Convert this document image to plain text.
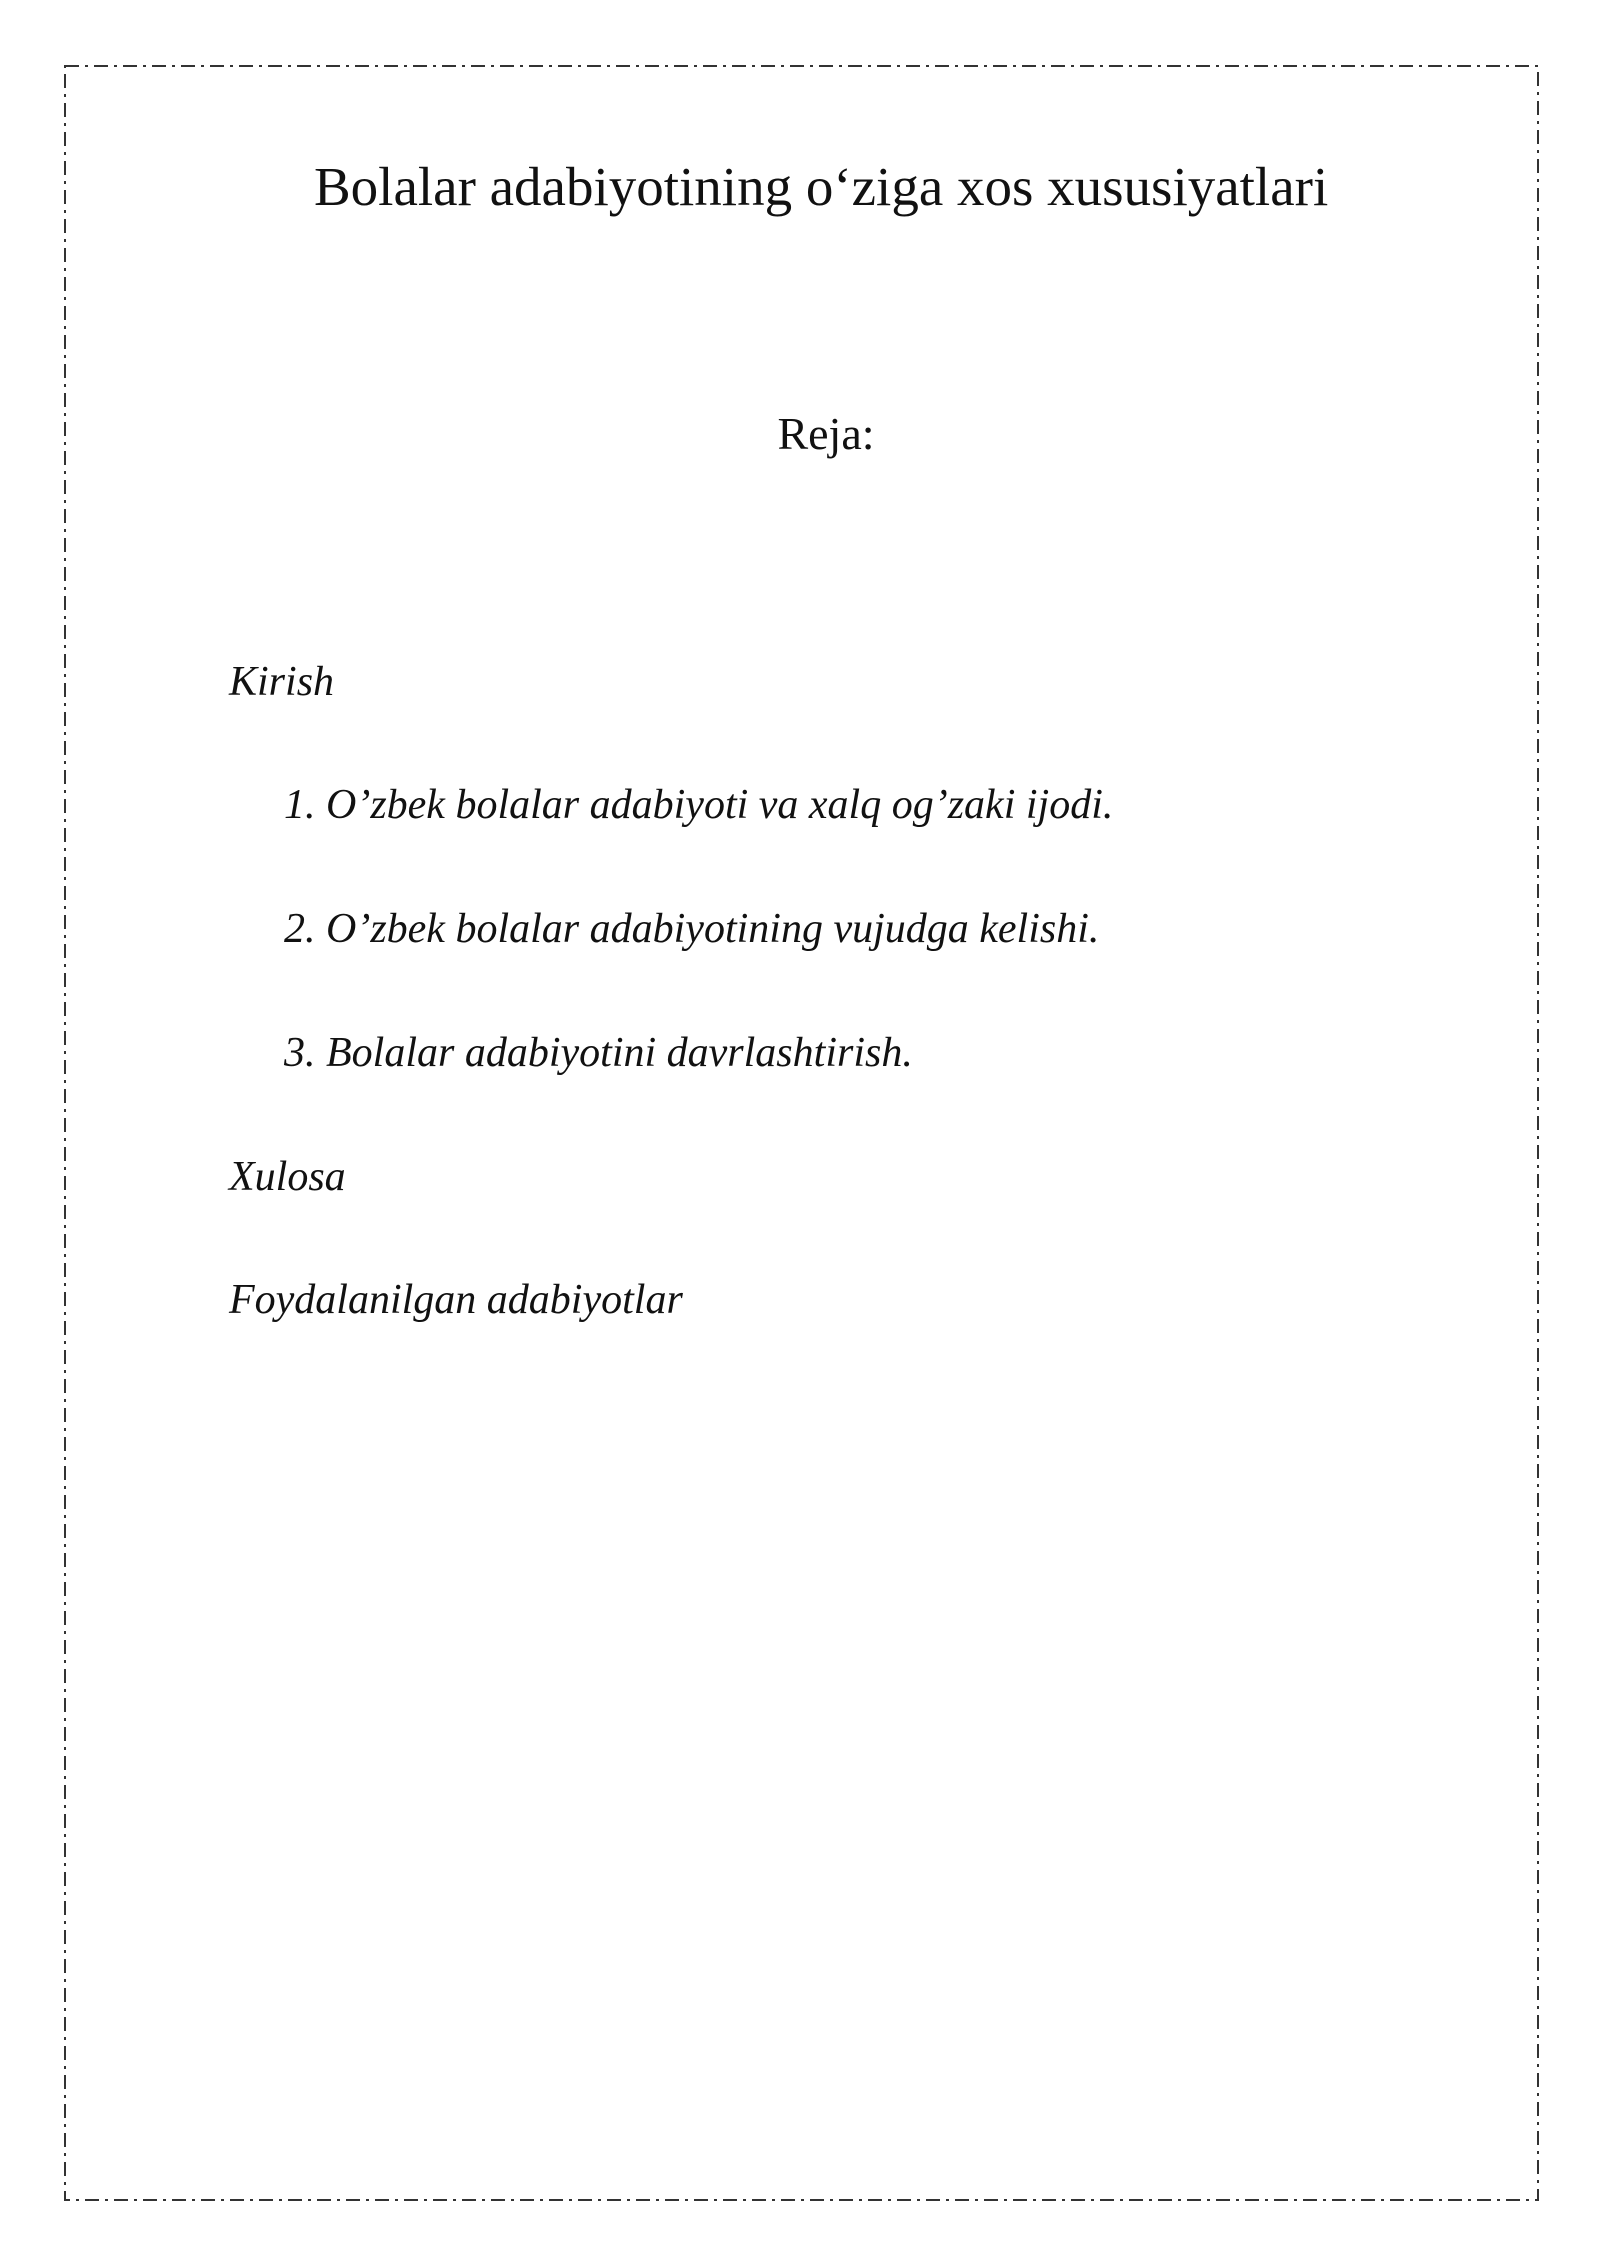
Bolalar adabiyotining o‘ziga xos xususiyatlari
Reja:
Kirish
1. O’zbek bolalar adabiyoti va xalq og’zaki ijodi.
2. O’zbek bolalar adabiyotining vujudga kelishi.
3. Bolalar adabiyotini davrlashtirish.
Xulosa
Foydalanilgan adabiyotlar
